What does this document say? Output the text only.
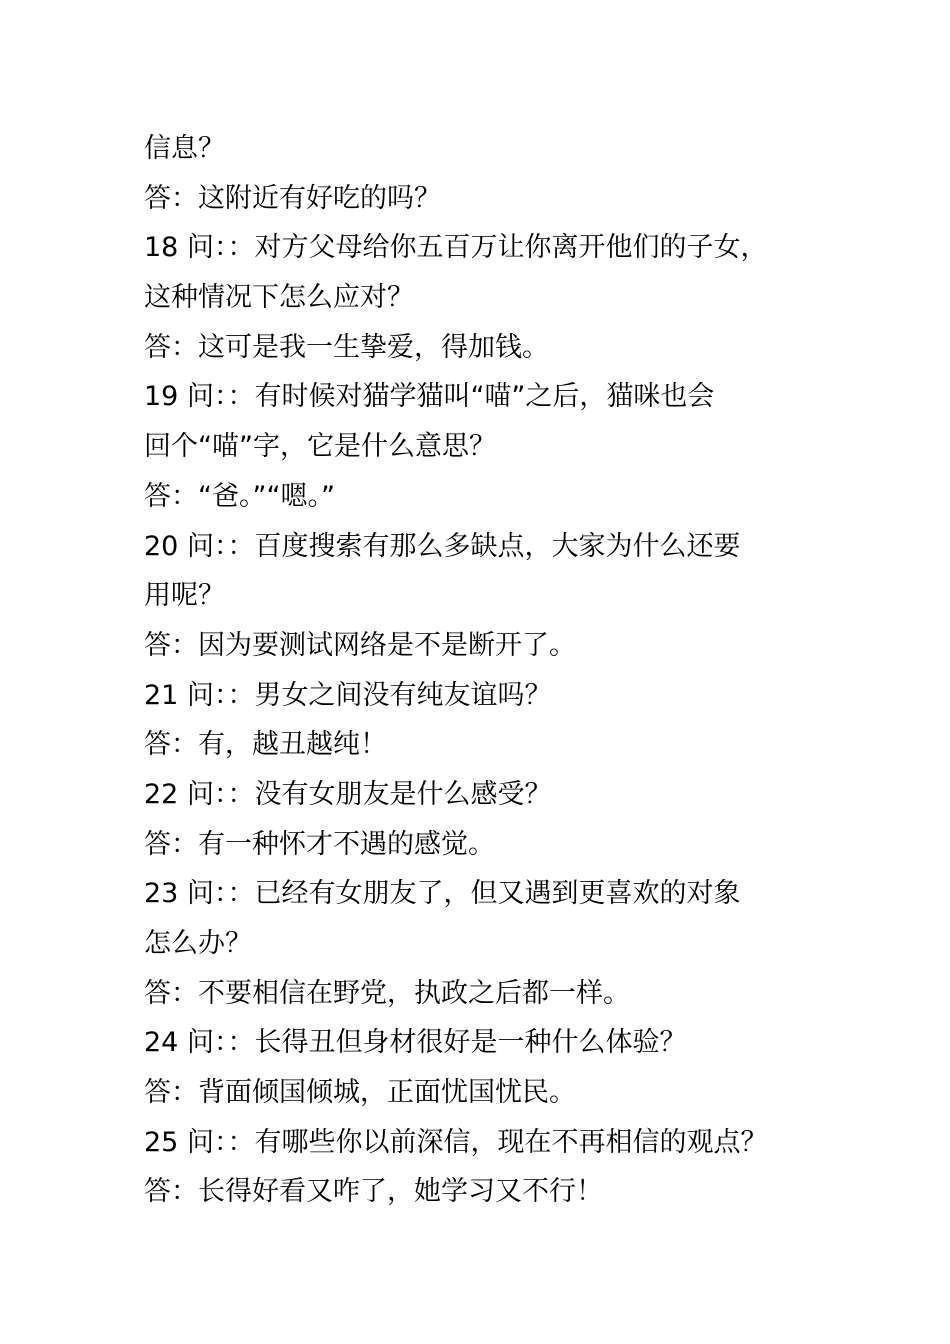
信息？

答：这附近有好吃的吗？

18 问：：对方父母给你五百万让你离开他们的子女，

这种情况下怎么应对？

答：这可是我一生挚爱，得加钱。

19 问：：有时候对猫学猫叫“喵”之后，猫咪也会

回个“喵”字，它是什么意思？

答：“爸。”“嗯。”

20 问：：百度搜索有那么多缺点，大家为什么还要

用呢？

答：因为要测试网络是不是断开了。

21 问：：男女之间没有纯友谊吗？

答：有，越丑越纯！

22 问：：没有女朋友是什么感受？

答：有一种怀才不遇的感觉。

23 问：：已经有女朋友了，但又遇到更喜欢的对象

怎么办？

答：不要相信在野党，执政之后都一样。

24 问：：长得丑但身材很好是一种什么体验？

答：背面倾国倾城，正面忧国忧民。

25 问：：有哪些你以前深信，现在不再相信的观点？

答：长得好看又咋了，她学习又不行！
